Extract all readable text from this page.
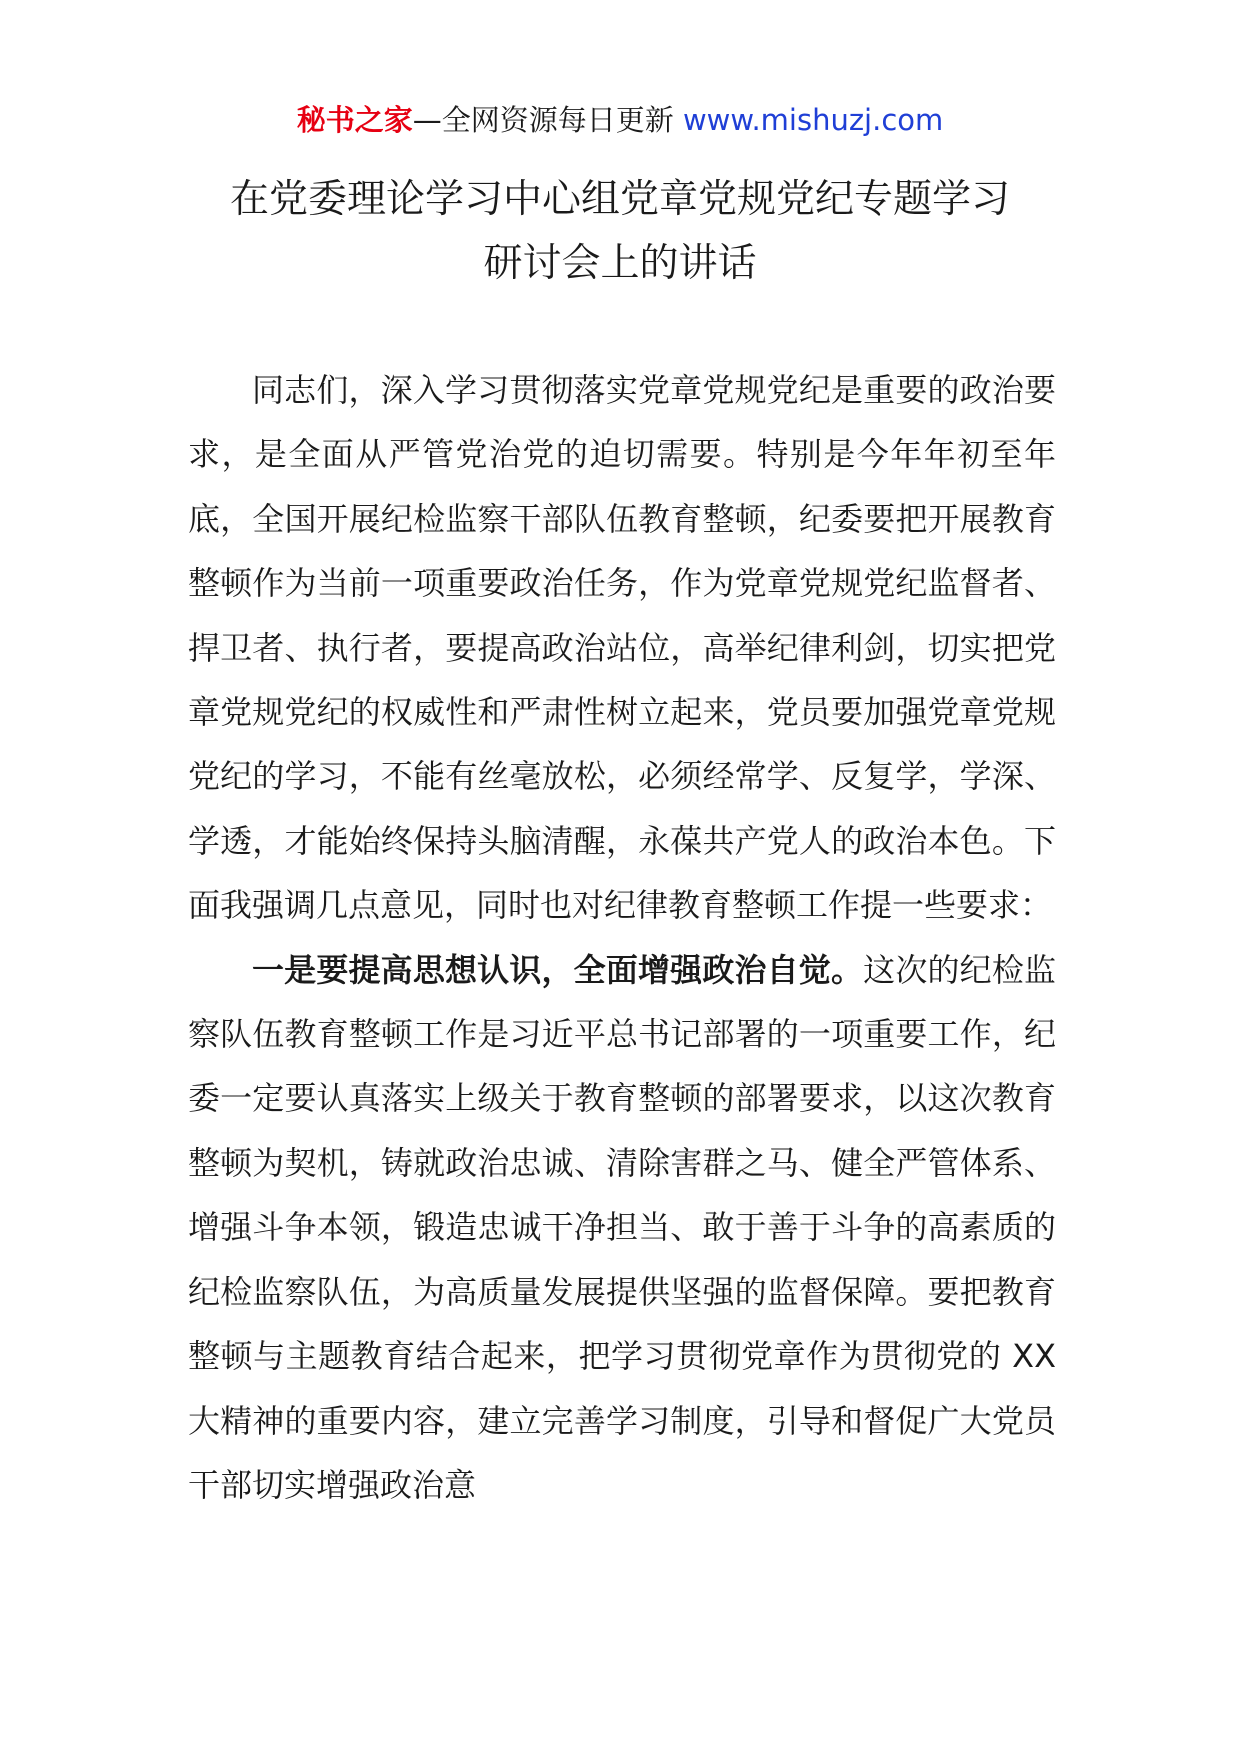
秘书之家—全网资源每日更新 www.mishuzj.com
在党委理论学习中心组党章党规党纪专题学习
研讨会上的讲话

同志们，深入学习贯彻落实党章党规党纪是重要的政治要求，是全面从严管党治党的迫切需要。特别是今年年初至年底，全国开展纪检监察干部队伍教育整顿，纪委要把开展教育整顿作为当前一项重要政治任务，作为党章党规党纪监督者、捍卫者、执行者，要提高政治站位，高举纪律利剑，切实把党章党规党纪的权威性和严肃性树立起来，党员要加强党章党规党纪的学习，不能有丝毫放松，必须经常学、反复学，学深、学透，才能始终保持头脑清醒，永葆共产党人的政治本色。下面我强调几点意见，同时也对纪律教育整顿工作提一些要求：

一是要提高思想认识，全面增强政治自觉。这次的纪检监察队伍教育整顿工作是习近平总书记部署的一项重要工作，纪委一定要认真落实上级关于教育整顿的部署要求，以这次教育整顿为契机，铸就政治忠诚、清除害群之马、健全严管体系、增强斗争本领，锻造忠诚干净担当、敢于善于斗争的高素质的纪检监察队伍，为高质量发展提供坚强的监督保障。要把教育整顿与主题教育结合起来，把学习贯彻党章作为贯彻党的 XX 大精神的重要内容，建立完善学习制度，引导和督促广大党员干部切实增强政治意
